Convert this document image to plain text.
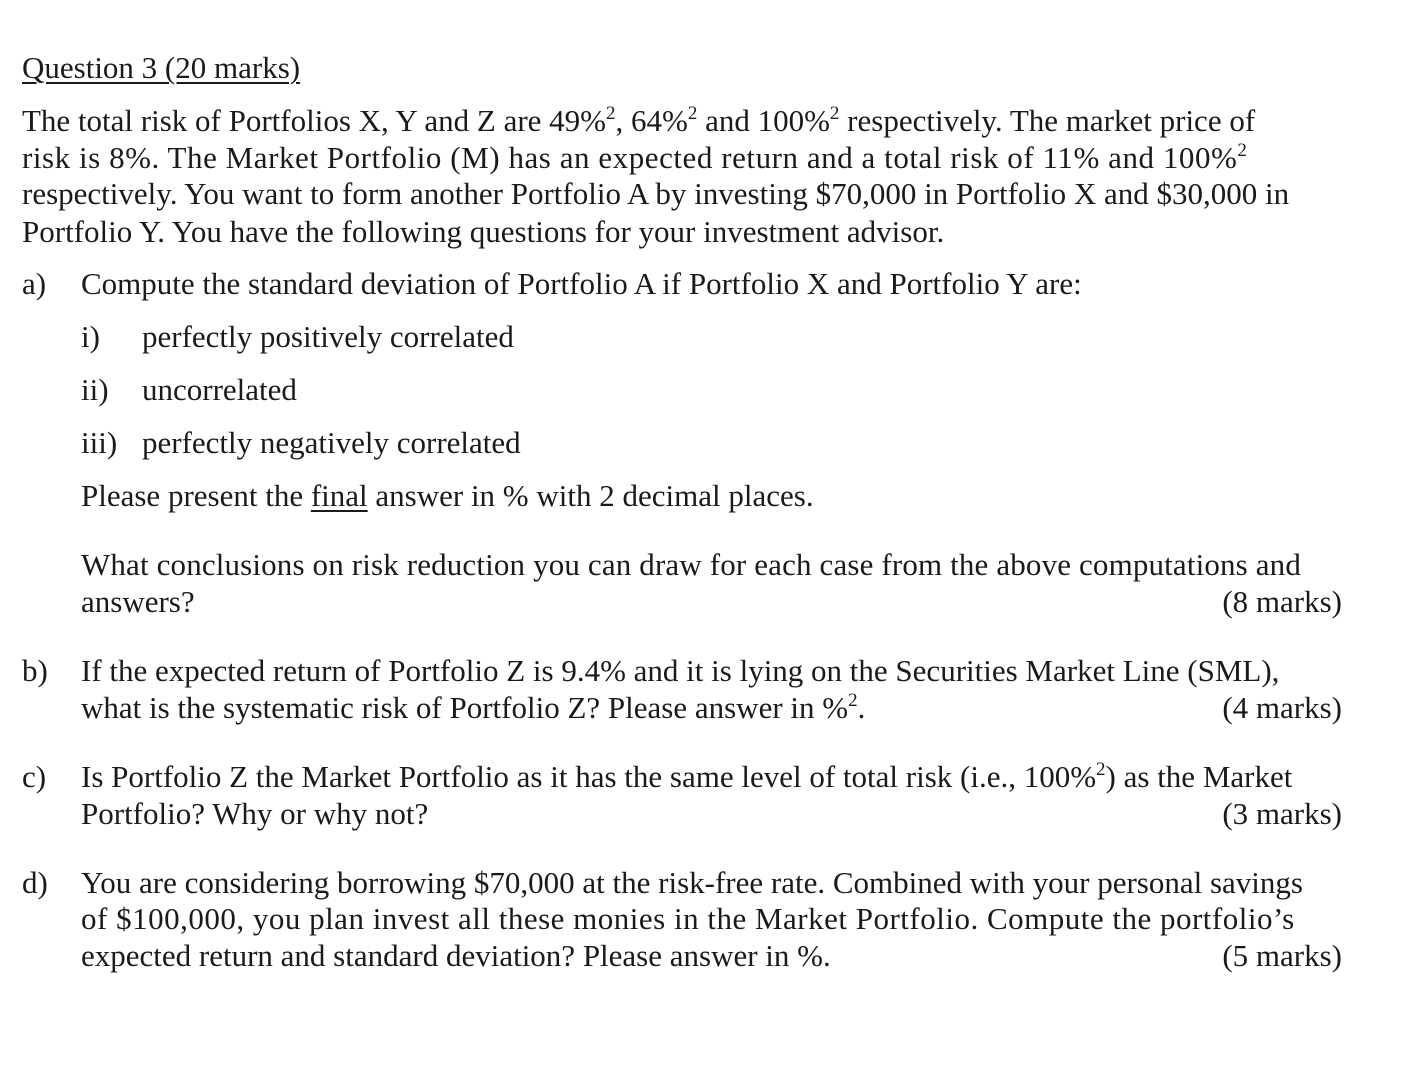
Question 3 (20 marks)
The total risk of Portfolios X, Y and Z are 49%$^2$, 64%$^2$ and 100%$^2$ respectively. The market price of
risk is 8%. The Market Portfolio (M) has an expected return and a total risk of 11% and 100%$^2$
respectively. You want to form another Portfolio A by investing $70,000 in Portfolio X and $30,000 in
Portfolio Y. You have the following questions for your investment advisor.
a) Compute the standard deviation of Portfolio A if Portfolio X and Portfolio Y are:
i) perfectly positively correlated
ii) uncorrelated
iii) perfectly negatively correlated
Please present the final answer in % with 2 decimal places.
What conclusions on risk reduction you can draw for each case from the above computations and
answers?	(8 marks)
b) If the expected return of Portfolio Z is 9.4% and it is lying on the Securities Market Line (SML),
what is the systematic risk of Portfolio Z? Please answer in %$^2$.	(4 marks)
c) Is Portfolio Z the Market Portfolio as it has the same level of total risk (i.e., 100%$^2$) as the Market
Portfolio? Why or why not?	(3 marks)
d) You are considering borrowing $70,000 at the risk-free rate. Combined with your personal savings
of $100,000, you plan invest all these monies in the Market Portfolio. Compute the portfolio’s
expected return and standard deviation? Please answer in %.	(5 marks)
